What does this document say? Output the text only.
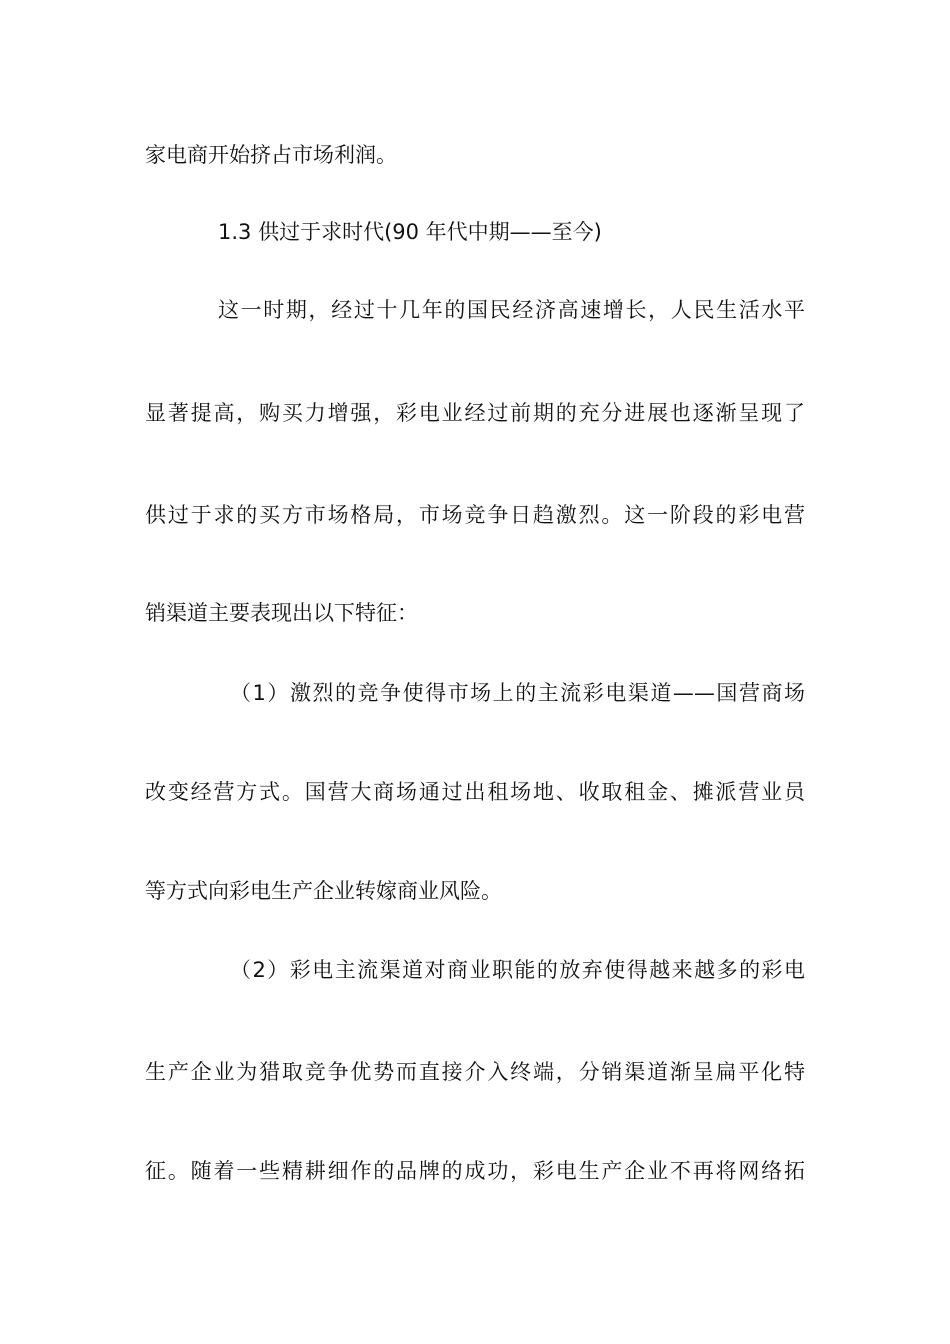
家电商开始挤占市场利润。
1.3 供过于求时代(90 年代中期——至今)
这一时期，经过十几年的国民经济高速增长，人民生活水平
显著提高，购买力增强，彩电业经过前期的充分进展也逐渐呈现了
供过于求的买方市场格局，市场竞争日趋激烈。这一阶段的彩电营
销渠道主要表现出以下特征：
（1）激烈的竞争使得市场上的主流彩电渠道——国营商场
改变经营方式。国营大商场通过出租场地、收取租金、摊派营业员
等方式向彩电生产企业转嫁商业风险。
（2）彩电主流渠道对商业职能的放弃使得越来越多的彩电
生产企业为猎取竞争优势而直接介入终端，分销渠道渐呈扁平化特
征。随着一些精耕细作的品牌的成功，彩电生产企业不再将网络拓
